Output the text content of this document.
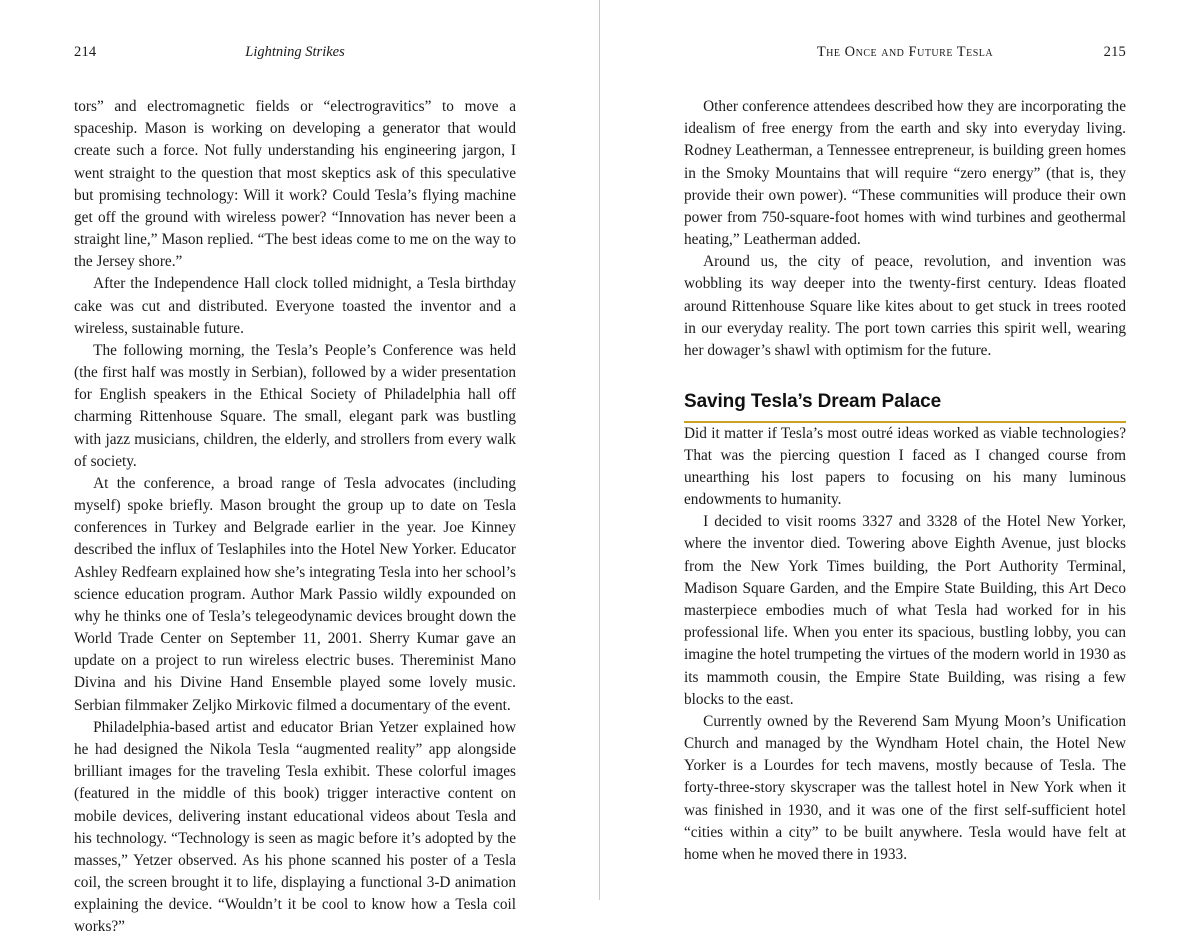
214	Lightning Strikes

tors” and electromagnetic fields or “electrogravitics” to move a spaceship. Mason is working on developing a generator that would create such a force. Not fully understanding his engineering jargon, I went straight to the question that most skeptics ask of this speculative but promising technology: Will it work? Could Tesla’s flying machine get off the ground with wireless power? “Innovation has never been a straight line,” Mason replied. “The best ideas come to me on the way to the Jersey shore.”

After the Independence Hall clock tolled midnight, a Tesla birthday cake was cut and distributed. Everyone toasted the inventor and a wireless, sustainable future.

The following morning, the Tesla’s People’s Conference was held (the first half was mostly in Serbian), followed by a wider presentation for English speakers in the Ethical Society of Philadelphia hall off charming Rittenhouse Square. The small, elegant park was bustling with jazz musicians, children, the elderly, and strollers from every walk of society.

At the conference, a broad range of Tesla advocates (including myself) spoke briefly. Mason brought the group up to date on Tesla conferences in Turkey and Belgrade earlier in the year. Joe Kinney described the influx of Teslaphiles into the Hotel New Yorker. Educator Ashley Redfearn explained how she’s integrating Tesla into her school’s science education program. Author Mark Passio wildly expounded on why he thinks one of Tesla’s telegeodynamic devices brought down the World Trade Center on September 11, 2001. Sherry Kumar gave an update on a project to run wireless electric buses. Thereminist Mano Divina and his Divine Hand Ensemble played some lovely music. Serbian filmmaker Zeljko Mirkovic filmed a documentary of the event.

Philadelphia-based artist and educator Brian Yetzer explained how he had designed the Nikola Tesla “augmented reality” app alongside brilliant images for the traveling Tesla exhibit. These colorful images (featured in the middle of this book) trigger interactive content on mobile devices, delivering instant educational videos about Tesla and his technology. “Technology is seen as magic before it’s adopted by the masses,” Yetzer observed. As his phone scanned his poster of a Tesla coil, the screen brought it to life, displaying a functional 3-D animation explaining the device. “Wouldn’t it be cool to know how a Tesla coil works?”

The Once and Future Tesla	215

Other conference attendees described how they are incorporating the idealism of free energy from the earth and sky into everyday living. Rodney Leatherman, a Tennessee entrepreneur, is building green homes in the Smoky Mountains that will require “zero energy” (that is, they provide their own power). “These communities will produce their own power from 750-square-foot homes with wind turbines and geothermal heating,” Leatherman added.

Around us, the city of peace, revolution, and invention was wobbling its way deeper into the twenty-first century. Ideas floated around Rittenhouse Square like kites about to get stuck in trees rooted in our everyday reality. The port town carries this spirit well, wearing her dowager’s shawl with optimism for the future.

Saving Tesla’s Dream Palace

Did it matter if Tesla’s most outré ideas worked as viable technologies? That was the piercing question I faced as I changed course from unearthing his lost papers to focusing on his many luminous endowments to humanity.

I decided to visit rooms 3327 and 3328 of the Hotel New Yorker, where the inventor died. Towering above Eighth Avenue, just blocks from the New York Times building, the Port Authority Terminal, Madison Square Garden, and the Empire State Building, this Art Deco masterpiece embodies much of what Tesla had worked for in his professional life. When you enter its spacious, bustling lobby, you can imagine the hotel trumpeting the virtues of the modern world in 1930 as its mammoth cousin, the Empire State Building, was rising a few blocks to the east.

Currently owned by the Reverend Sam Myung Moon’s Unification Church and managed by the Wyndham Hotel chain, the Hotel New Yorker is a Lourdes for tech mavens, mostly because of Tesla. The forty-three-story skyscraper was the tallest hotel in New York when it was finished in 1930, and it was one of the first self-sufficient hotel “cities within a city” to be built anywhere. Tesla would have felt at home when he moved there in 1933.
